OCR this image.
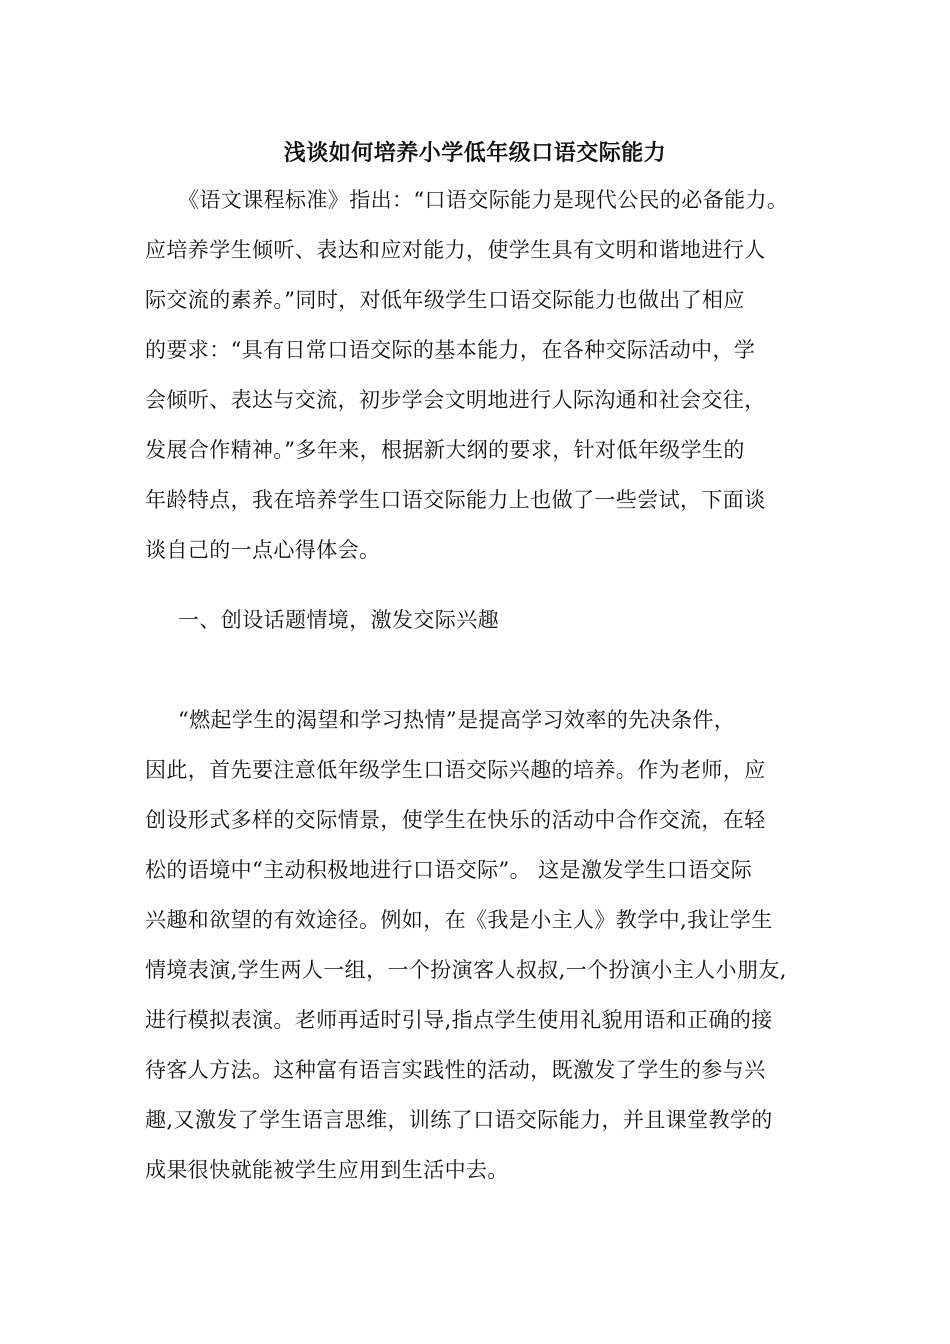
浅谈如何培养小学低年级口语交际能力
《语文课程标准》指出：“口语交际能力是现代公民的必备能力。
应培养学生倾听、表达和应对能力，使学生具有文明和谐地进行人
际交流的素养。”同时，对低年级学生口语交际能力也做出了相应
的要求：“具有日常口语交际的基本能力，在各种交际活动中，学
会倾听、表达与交流，初步学会文明地进行人际沟通和社会交往，
发展合作精神。”多年来，根据新大纲的要求，针对低年级学生的
年龄特点，我在培养学生口语交际能力上也做了一些尝试，下面谈
谈自己的一点心得体会。
一、创设话题情境，激发交际兴趣
“燃起学生的渴望和学习热情”是提高学习效率的先决条件，
因此，首先要注意低年级学生口语交际兴趣的培养。作为老师，应
创设形式多样的交际情景，使学生在快乐的活动中合作交流，在轻
松的语境中“主动积极地进行口语交际”。 这是激发学生口语交际
兴趣和欲望的有效途径。例如，在《我是小主人》教学中,我让学生
情境表演,学生两人一组，一个扮演客人叔叔,一个扮演小主人小朋友,
进行模拟表演。老师再适时引导,指点学生使用礼貌用语和正确的接
待客人方法。这种富有语言实践性的活动，既激发了学生的参与兴
趣,又激发了学生语言思维，训练了口语交际能力，并且课堂教学的
成果很快就能被学生应用到生活中去。
